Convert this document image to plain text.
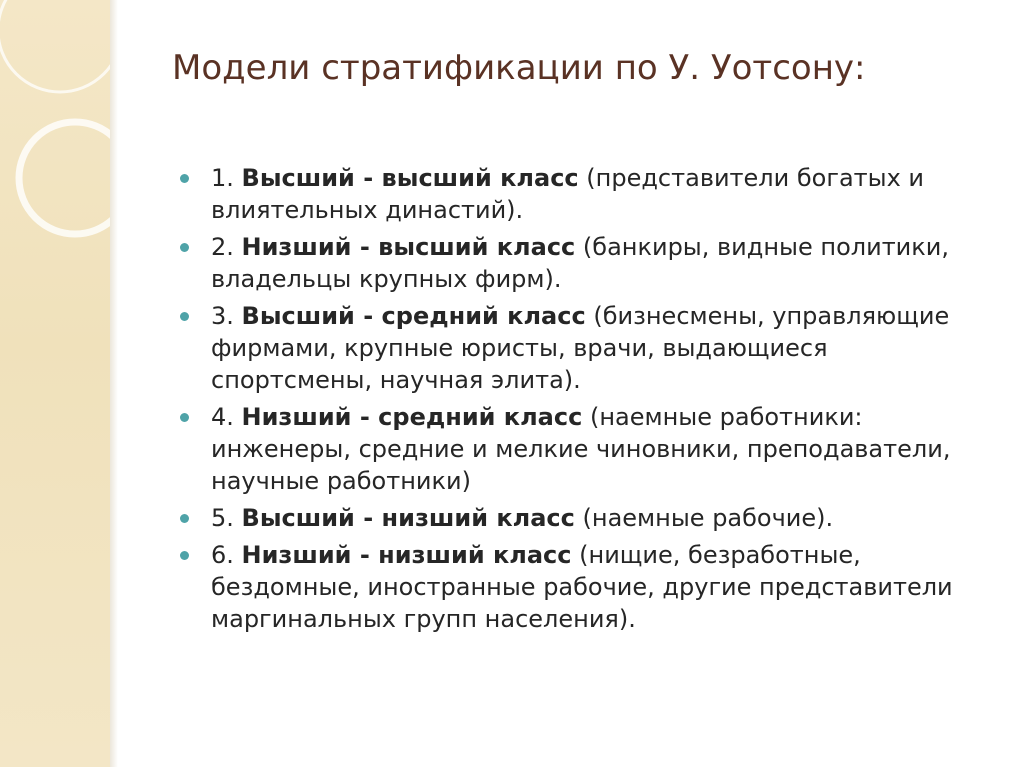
Модели стратификации по У. Уотсону:
1. Высший - высший класс (представители богатых и влиятельных династий).
2. Низший - высший класс (банкиры, видные политики, владельцы крупных фирм).
3. Высший - средний класс (бизнесмены, управляющие фирмами, крупные юристы, врачи, выдающиеся спортсмены, научная элита).
4. Низший - средний класс (наемные работники: инженеры, средние и мелкие чиновники, преподаватели, научные работники)
5. Высший - низший класс (наемные рабочие).
6. Низший - низший класс (нищие, безработные, бездомные, иностранные рабочие, другие представители маргинальных групп населения).
